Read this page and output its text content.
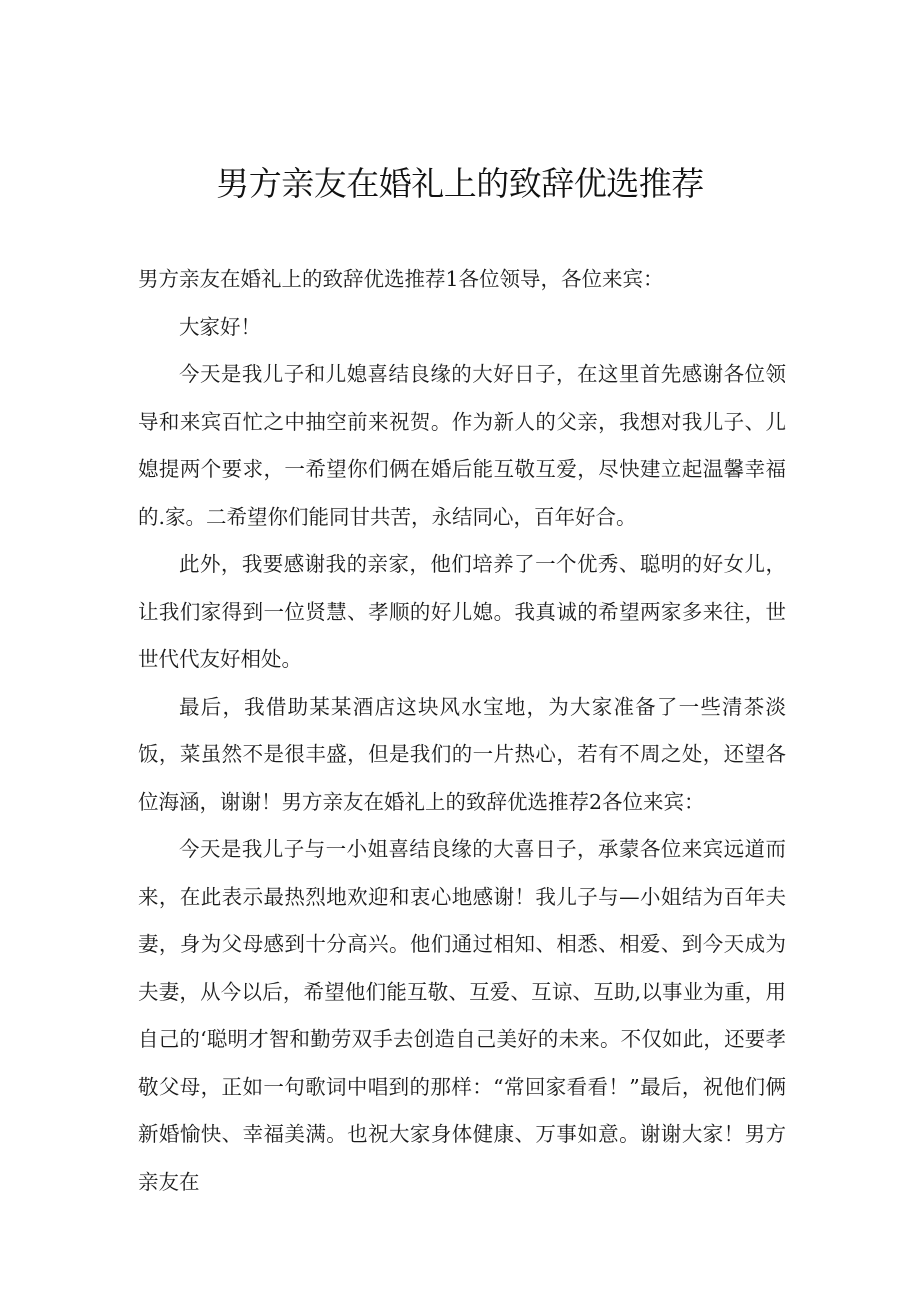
男方亲友在婚礼上的致辞优选推荐

男方亲友在婚礼上的致辞优选推荐1各位领导，各位来宾：

大家好！

今天是我儿子和儿媳喜结良缘的大好日子，在这里首先感谢各位领导和来宾百忙之中抽空前来祝贺。作为新人的父亲，我想对我儿子、儿媳提两个要求，一希望你们俩在婚后能互敬互爱，尽快建立起温馨幸福的.家。二希望你们能同甘共苦，永结同心，百年好合。

此外，我要感谢我的亲家，他们培养了一个优秀、聪明的好女儿，让我们家得到一位贤慧、孝顺的好儿媳。我真诚的希望两家多来往，世世代代友好相处。

最后，我借助某某酒店这块风水宝地，为大家准备了一些清茶淡饭，菜虽然不是很丰盛，但是我们的一片热心，若有不周之处，还望各位海涵，谢谢！男方亲友在婚礼上的致辞优选推荐2各位来宾：

今天是我儿子与一小姐喜结良缘的大喜日子，承蒙各位来宾远道而来，在此表示最热烈地欢迎和衷心地感谢！我儿子与—小姐结为百年夫妻，身为父母感到十分高兴。他们通过相知、相悉、相爱、到今天成为夫妻，从今以后，希望他们能互敬、互爱、互谅、互助,以事业为重，用自己的‘聪明才智和勤劳双手去创造自己美好的未来。不仅如此，还要孝敬父母，正如一句歌词中唱到的那样：“常回家看看！”最后，祝他们俩新婚愉快、幸福美满。也祝大家身体健康、万事如意。谢谢大家！男方亲友在
